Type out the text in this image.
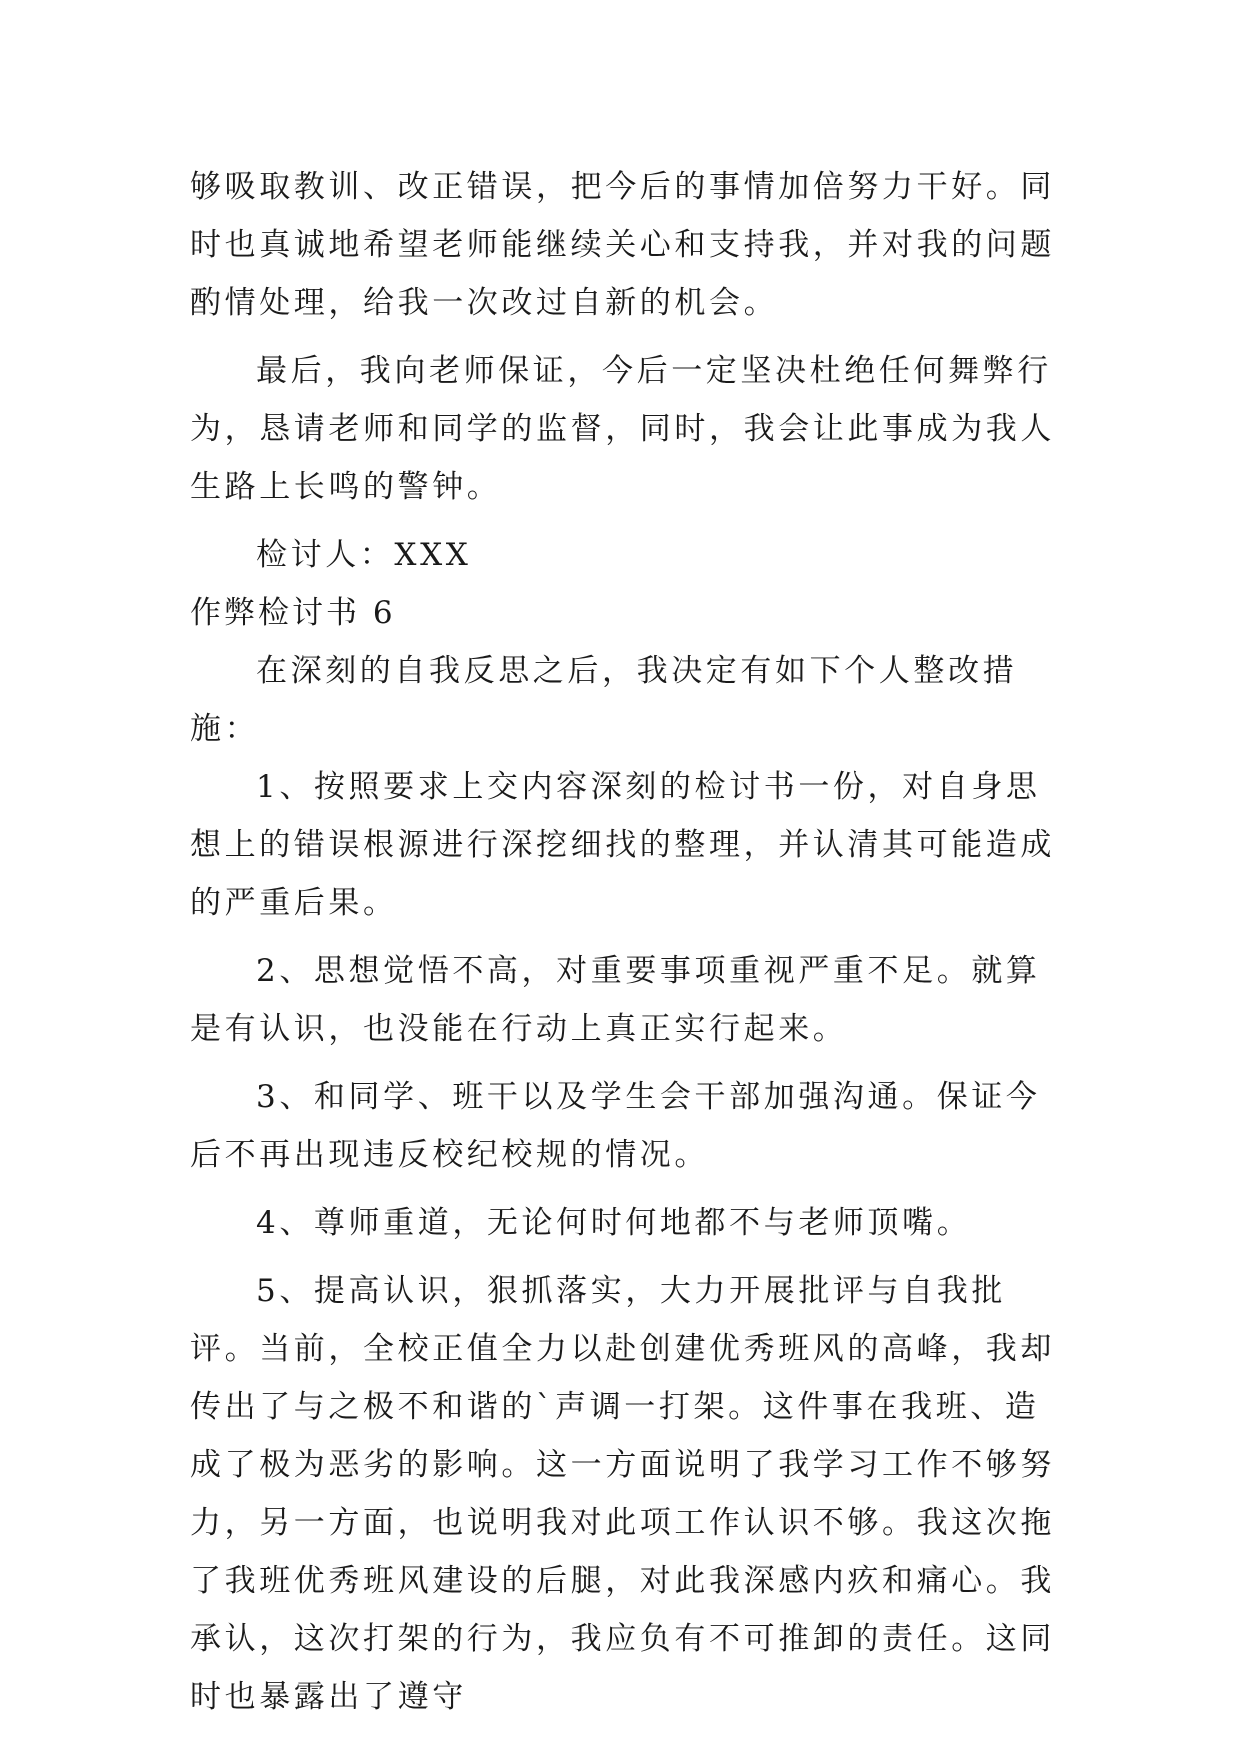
够吸取教训、改正错误，把今后的事情加倍努力干好。同时也真诚地希望老师能继续关心和支持我，并对我的问题酌情处理，给我一次改过自新的机会。

最后，我向老师保证，今后一定坚决杜绝任何舞弊行为，恳请老师和同学的监督，同时，我会让此事成为我人生路上长鸣的警钟。

检讨人：XXX

作弊检讨书 6

在深刻的自我反思之后，我决定有如下个人整改措施：

1、按照要求上交内容深刻的检讨书一份，对自身思想上的错误根源进行深挖细找的整理，并认清其可能造成的严重后果。

2、思想觉悟不高，对重要事项重视严重不足。就算是有认识，也没能在行动上真正实行起来。

3、和同学、班干以及学生会干部加强沟通。保证今后不再出现违反校纪校规的情况。

4、尊师重道，无论何时何地都不与老师顶嘴。

5、提高认识，狠抓落实，大力开展批评与自我批评。当前，全校正值全力以赴创建优秀班风的高峰，我却传出了与之极不和谐的`声调一打架。这件事在我班、造成了极为恶劣的影响。这一方面说明了我学习工作不够努力，另一方面，也说明我对此项工作认识不够。我这次拖了我班优秀班风建设的后腿，对此我深感内疚和痛心。我承认，这次打架的行为，我应负有不可推卸的责任。这同时也暴露出了遵守
